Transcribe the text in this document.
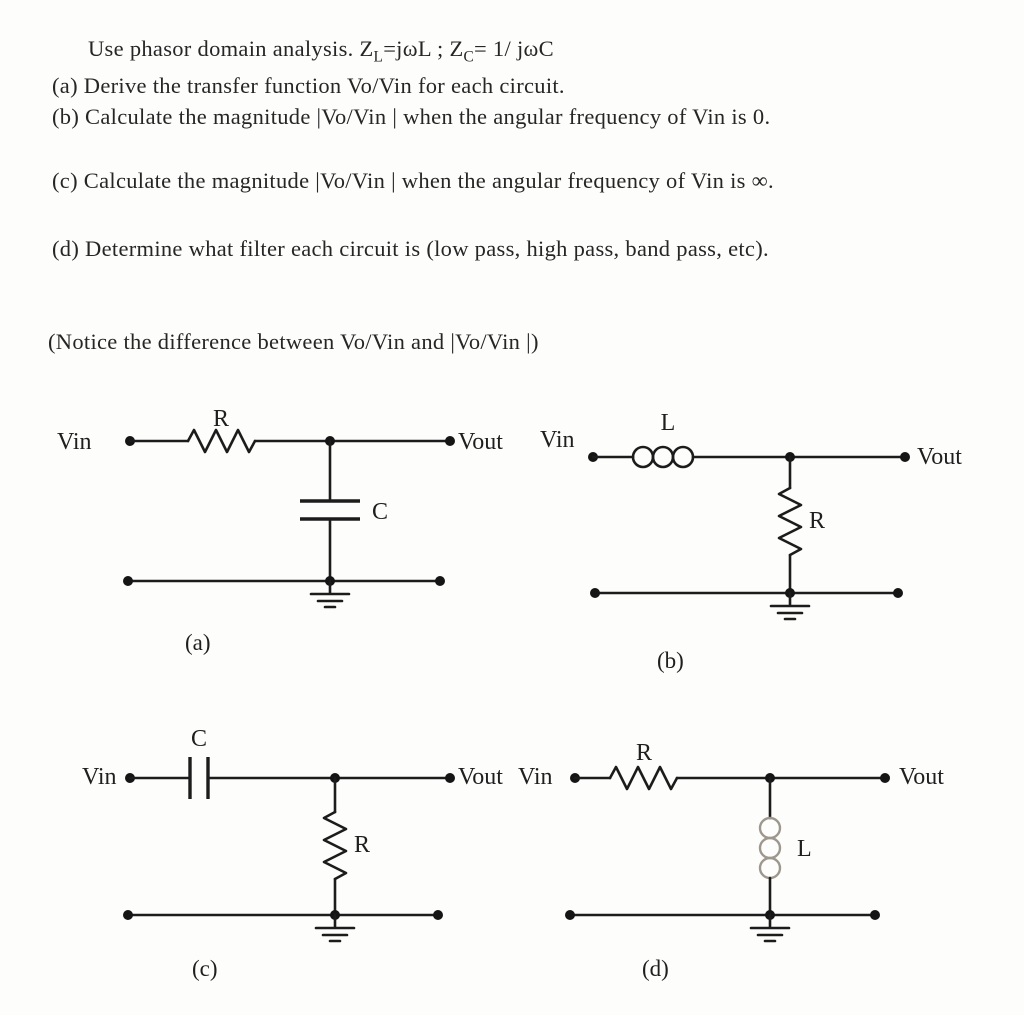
Use phasor domain analysis. $Z_L=j\omega L$ ; $Z_C= 1/$ jωC
(a) Derive the transfer function Vo/Vin for each circuit.
(b) Calculate the magnitude |Vo/Vin | when the angular frequency of Vin is 0.
(c) Calculate the magnitude |Vo/Vin | when the angular frequency of Vin is ∞.
(d) Determine what filter each circuit is (low pass, high pass, band pass, etc).
(Notice the difference between Vo/Vin and |Vo/Vin |)
Vin
R
Vout
C
(a)
Vin
L
Vout
R
(b)
Vin
C
Vout
R
(c)
Vin
R
Vout
L
(d)
